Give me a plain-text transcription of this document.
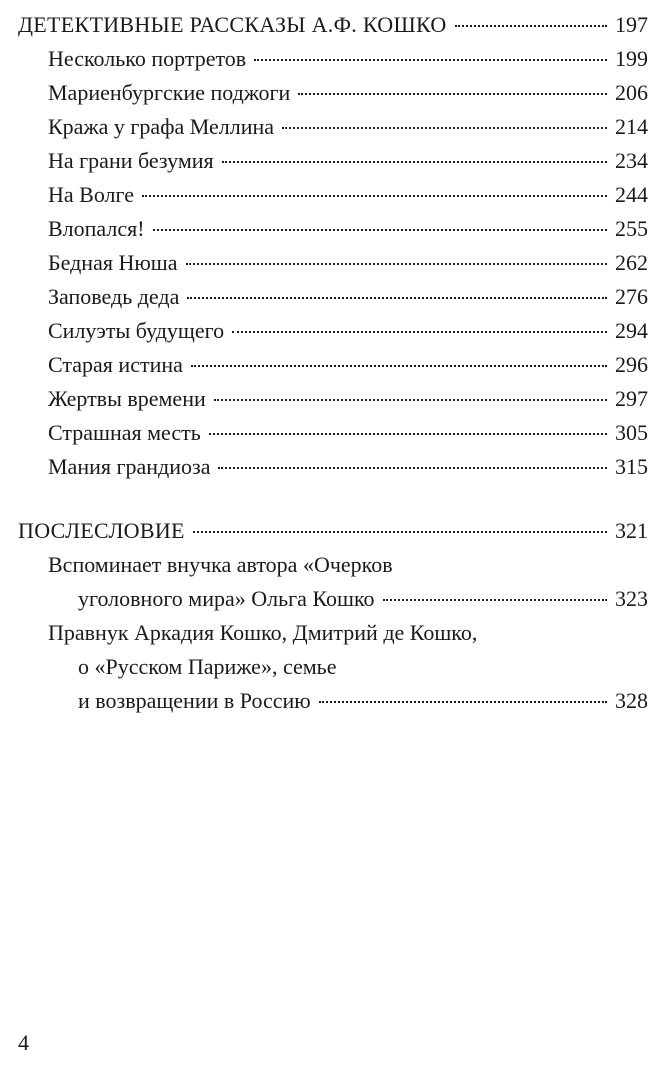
ДЕТЕКТИВНЫЕ РАССКАЗЫ А.Ф. КОШКО	197
Несколько портретов	199
Мариенбургские поджоги	206
Кража у графа Меллина	214
На грани безумия	234
На Волге	244
Влопался!	255
Бедная Нюша	262
Заповедь деда	276
Силуэты будущего	294
Старая истина	296
Жертвы времени	297
Страшная месть	305
Мания грандиоза	315
ПОСЛЕСЛОВИЕ	321
Вспоминает внучка автора «Очерков
уголовного мира» Ольга Кошко	323
Правнук Аркадия Кошко, Дмитрий де Кошко,
о «Русском Париже», семье
и возвращении в Россию	328
4
